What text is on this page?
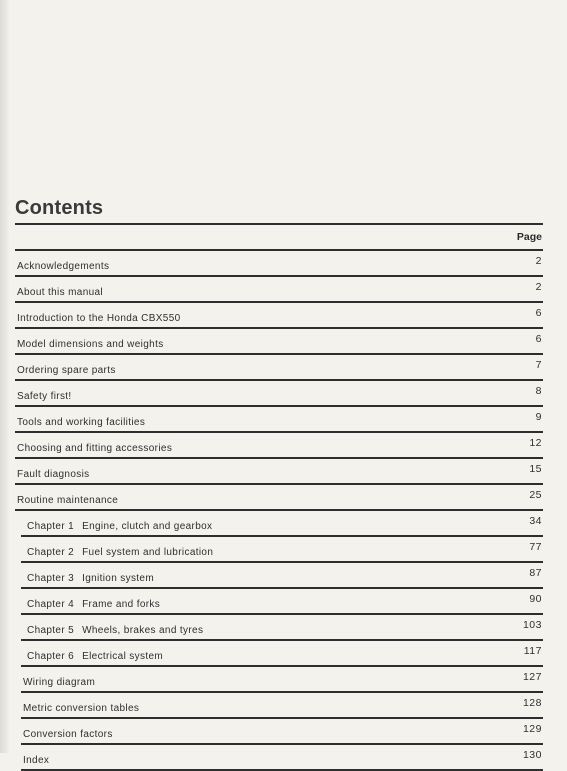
Contents
Page
Acknowledgements	2
About this manual	2
Introduction to the Honda CBX550	6
Model dimensions and weights	6
Ordering spare parts	7
Safety first!	8
Tools and working facilities	9
Choosing and fitting accessories	12
Fault diagnosis	15
Routine maintenance	25
Chapter 1 Engine, clutch and gearbox	34
Chapter 2 Fuel system and lubrication	77
Chapter 3 Ignition system	87
Chapter 4 Frame and forks	90
Chapter 5 Wheels, brakes and tyres	103
Chapter 6 Electrical system	117
Wiring diagram	127
Metric conversion tables	128
Conversion factors	129
Index	130
